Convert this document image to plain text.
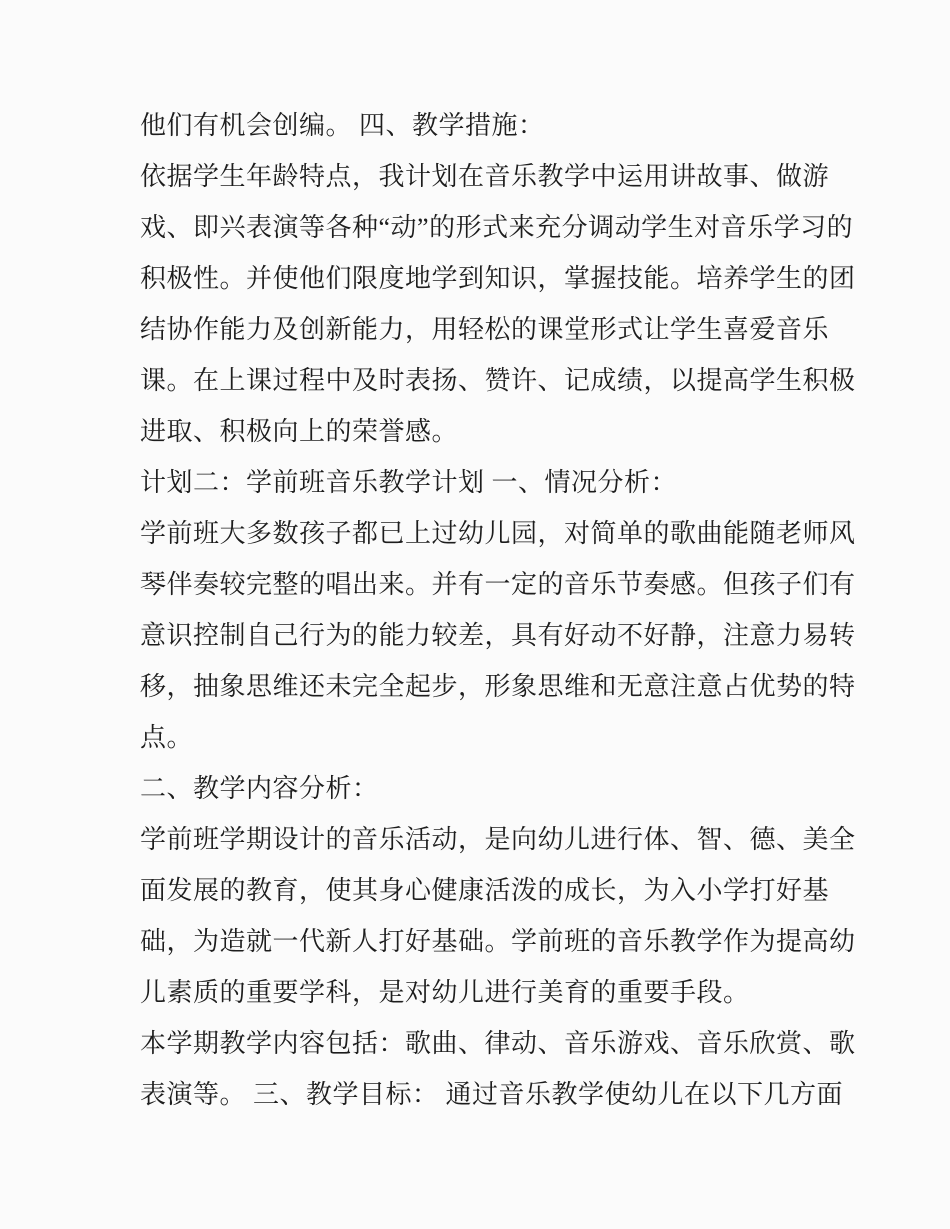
他们有机会创编。 四、教学措施：
依据学生年龄特点，我计划在音乐教学中运用讲故事、做游
戏、即兴表演等各种“动”的形式来充分调动学生对音乐学习的
积极性。并使他们限度地学到知识，掌握技能。培养学生的团
结协作能力及创新能力，用轻松的课堂形式让学生喜爱音乐
课。在上课过程中及时表扬、赞许、记成绩，以提高学生积极
进取、积极向上的荣誉感。
计划二：学前班音乐教学计划 一、情况分析：
学前班大多数孩子都已上过幼儿园，对简单的歌曲能随老师风
琴伴奏较完整的唱出来。并有一定的音乐节奏感。但孩子们有
意识控制自己行为的能力较差，具有好动不好静，注意力易转
移，抽象思维还未完全起步，形象思维和无意注意占优势的特
点。
二、教学内容分析：
学前班学期设计的音乐活动，是向幼儿进行体、智、德、美全
面发展的教育，使其身心健康活泼的成长，为入小学打好基
础，为造就一代新人打好基础。学前班的音乐教学作为提高幼
儿素质的重要学科，是对幼儿进行美育的重要手段。
本学期教学内容包括：歌曲、律动、音乐游戏、音乐欣赏、歌
表演等。 三、教学目标： 通过音乐教学使幼儿在以下几方面
